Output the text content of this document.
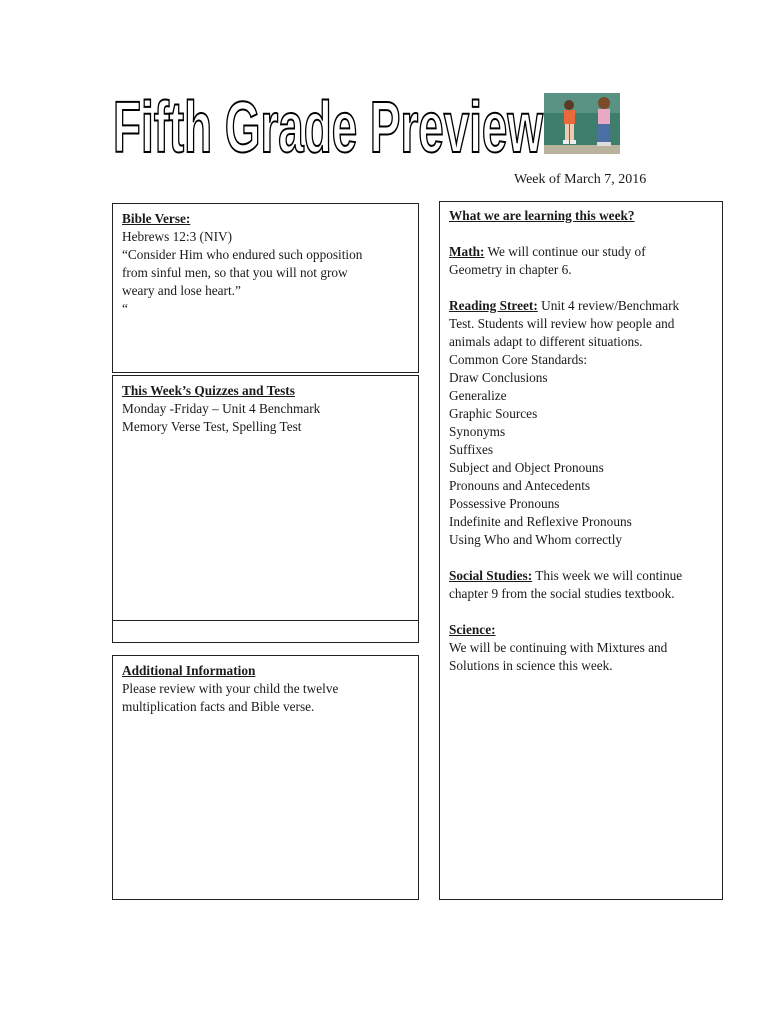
Fifth Grade Preview
Week of March 7, 2016
Bible Verse:
Hebrews 12:3 (NIV)
“Consider Him who endured such opposition
from sinful men, so that you will not grow
weary and lose heart.”
“
This Week’s Quizzes and Tests
Monday -Friday – Unit 4 Benchmark
Memory Verse Test, Spelling Test
Additional Information
Please review with your child the twelve
multiplication facts and Bible verse.
What we are learning this week?
Math: We will continue our study of
Geometry in chapter 6.
Reading Street: Unit 4 review/Benchmark
Test. Students will review how people and
animals adapt to different situations.
Common Core Standards:
Draw Conclusions
Generalize
Graphic Sources
Synonyms
Suffixes
Subject and Object Pronouns
Pronouns and Antecedents
Possessive Pronouns
Indefinite and Reflexive Pronouns
Using Who and Whom correctly
Social Studies: This week we will continue
chapter 9 from the social studies textbook.
Science:
We will be continuing with Mixtures and
Solutions in science this week.
